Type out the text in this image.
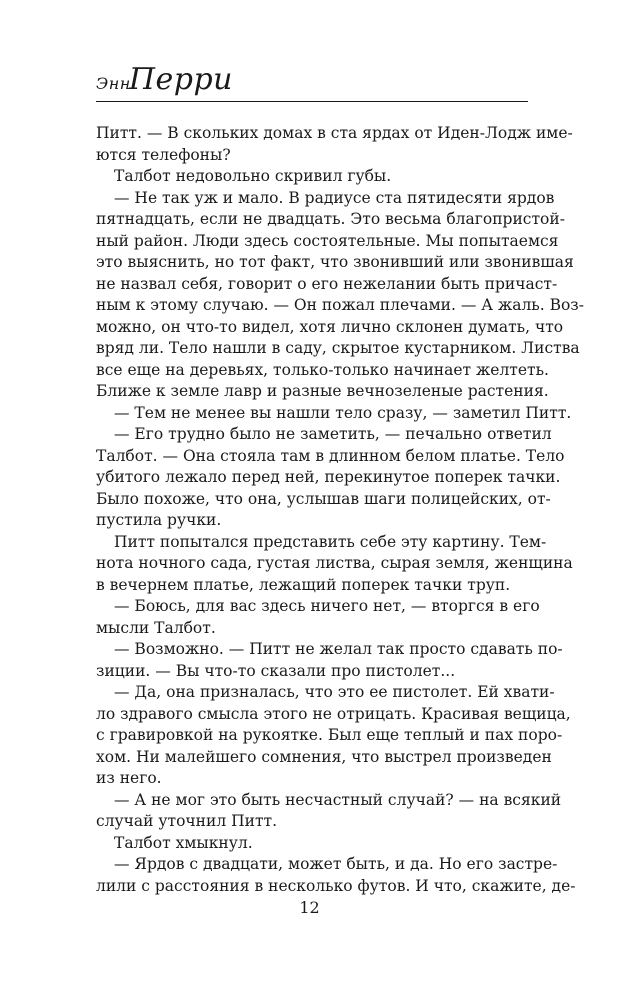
ЭннПерри
Питт. — В скольких домах в ста ярдах от Иден-Лодж име-
ются телефоны?
Талбот недовольно скривил губы.
— Не так уж и мало. В радиусе ста пятидесяти ярдов
пятнадцать, если не двадцать. Это весьма благопристой-
ный район. Люди здесь состоятельные. Мы попытаемся
это выяснить, но тот факт, что звонивший или звонившая
не назвал себя, говорит о его нежелании быть причаст-
ным к этому случаю. — Он пожал плечами. — А жаль. Воз-
можно, он что-то видел, хотя лично склонен думать, что
вряд ли. Тело нашли в саду, скрытое кустарником. Листва
все еще на деревьях, только-только начинает желтеть.
Ближе к земле лавр и разные вечнозеленые растения.
— Тем не менее вы нашли тело сразу, — заметил Питт.
— Его трудно было не заметить, — печально ответил
Талбот. — Она стояла там в длинном белом платье. Тело
убитого лежало перед ней, перекинутое поперек тачки.
Было похоже, что она, услышав шаги полицейских, от-
пустила ручки.
Питт попытался представить себе эту картину. Тем-
нота ночного сада, густая листва, сырая земля, женщина
в вечернем платье, лежащий поперек тачки труп.
— Боюсь, для вас здесь ничего нет, — вторгся в его
мысли Талбот.
— Возможно. — Питт не желал так просто сдавать по-
зиции. — Вы что-то сказали про пистолет...
— Да, она призналась, что это ее пистолет. Ей хвати-
ло здравого смысла этого не отрицать. Красивая вещица,
с гравировкой на рукоятке. Был еще теплый и пах поро-
хом. Ни малейшего сомнения, что выстрел произведен
из него.
— А не мог это быть несчастный случай? — на всякий
случай уточнил Питт.
Талбот хмыкнул.
— Ярдов с двадцати, может быть, и да. Но его застре-
лили с расстояния в несколько футов. И что, скажите, де-
12
